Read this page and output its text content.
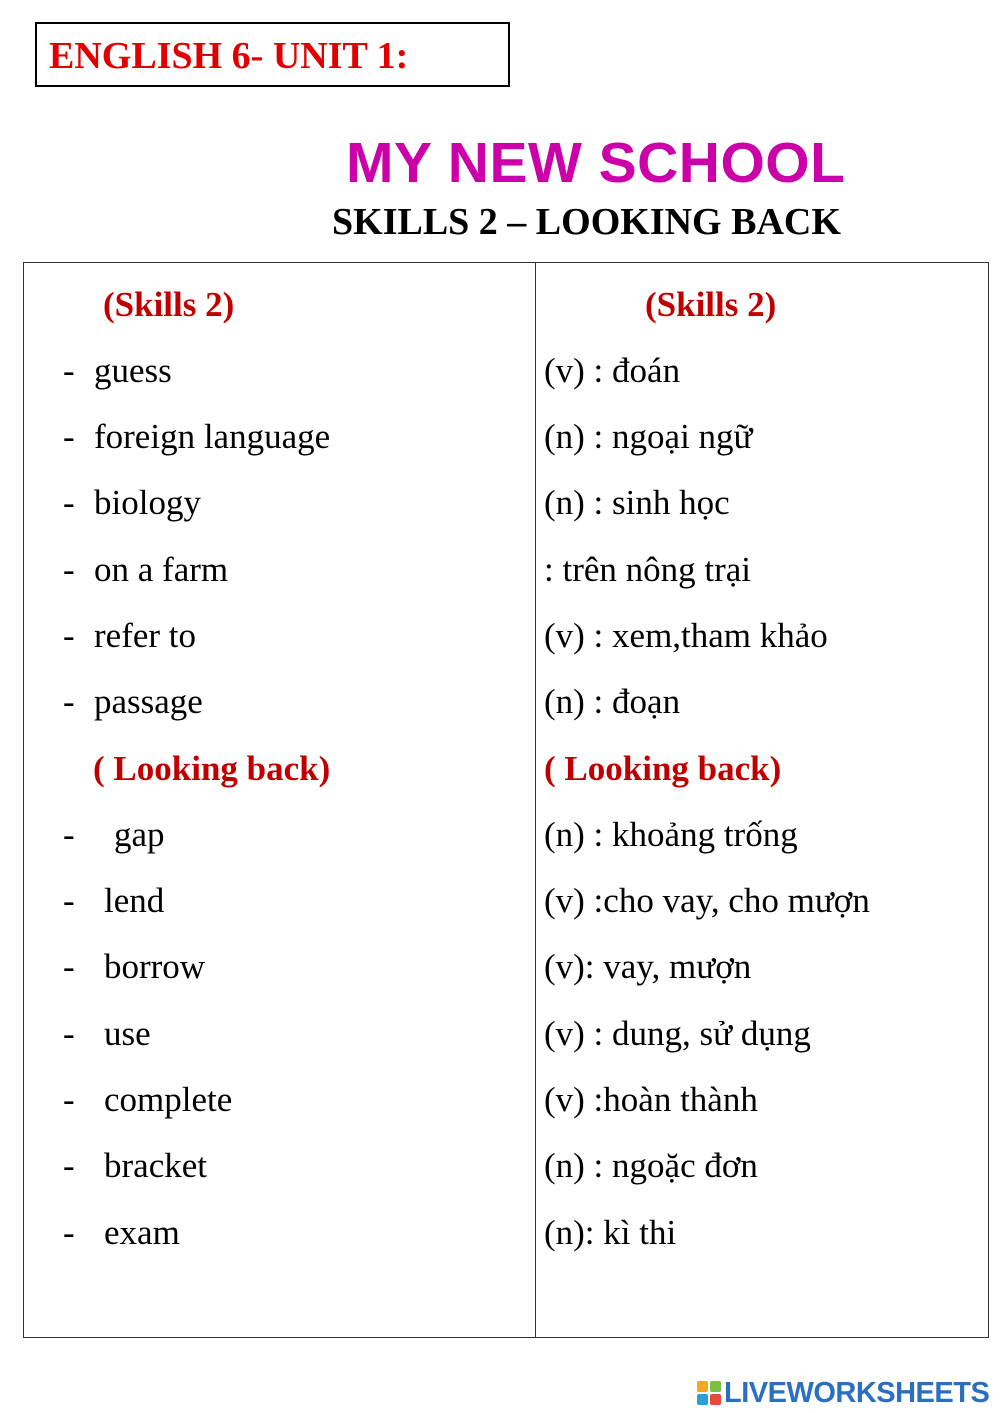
ENGLISH 6- UNIT 1:
MY NEW SCHOOL
SKILLS 2 – LOOKING BACK
(Skills 2)	(Skills 2)
- guess	(v) : đoán
- foreign language	(n) : ngoại ngữ
- biology	(n) : sinh học
- on a farm	: trên nông trại
- refer to	(v) : xem,tham khảo
- passage	(n) : đoạn
( Looking back)	( Looking back)
- gap	(n) : khoảng trống
- lend	(v) :cho vay, cho mượn
- borrow	(v): vay, mượn
- use	(v) : dung, sử dụng
- complete	(v) :hoàn thành
- bracket	(n) : ngoặc đơn
- exam	(n): kì thi
LIVEWORKSHEETS
